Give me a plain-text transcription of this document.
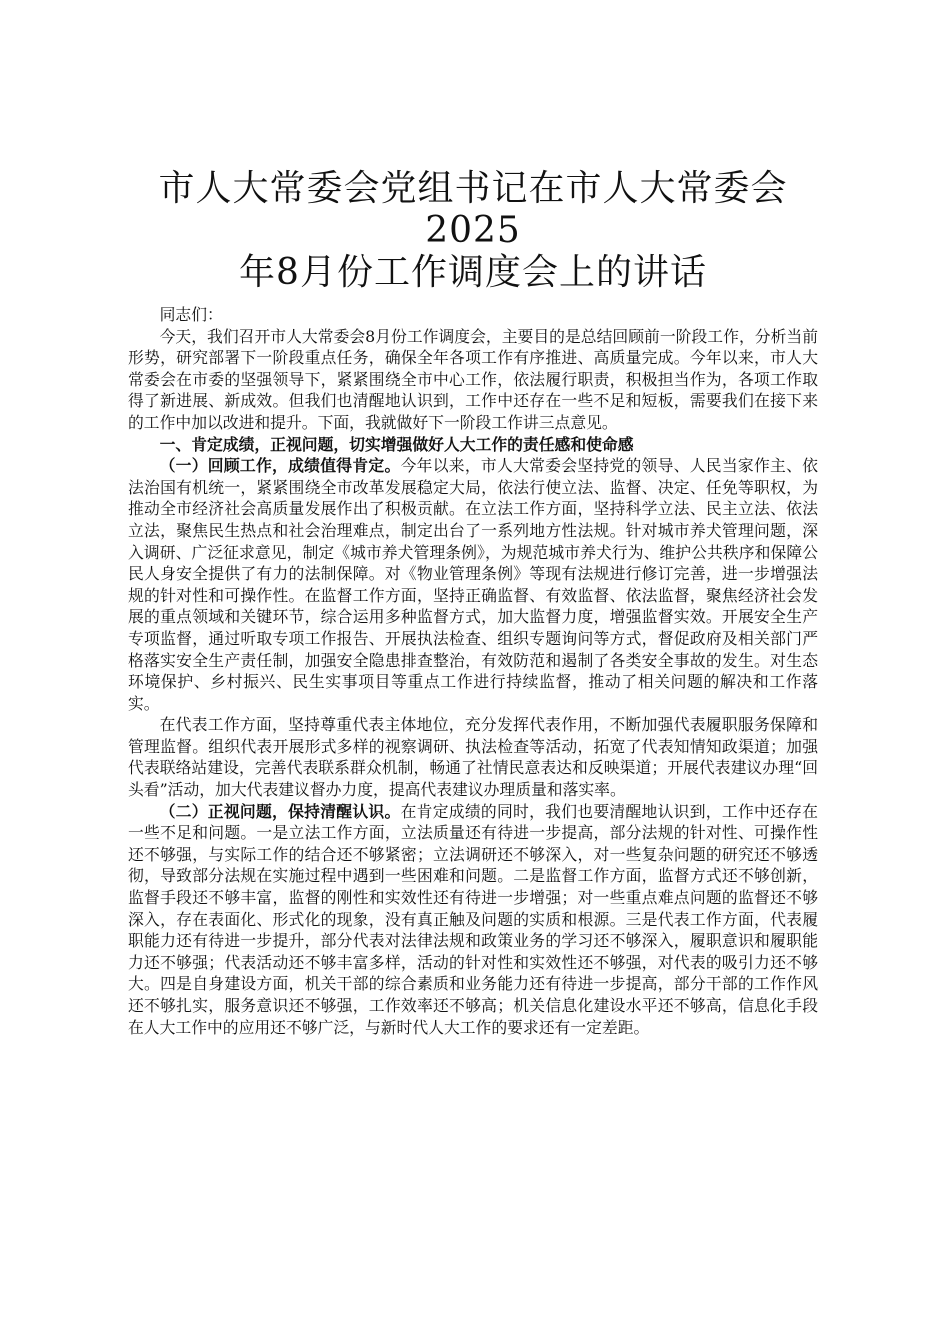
市人大常委会党组书记在市人大常委会2025
年8月份工作调度会上的讲话

同志们：

今天，我们召开市人大常委会8月份工作调度会，主要目的是总结回顾前一阶段工作，分析当前形势，研究部署下一阶段重点任务，确保全年各项工作有序推进、高质量完成。今年以来，市人大常委会在市委的坚强领导下，紧紧围绕全市中心工作，依法履行职责，积极担当作为，各项工作取得了新进展、新成效。但我们也清醒地认识到，工作中还存在一些不足和短板，需要我们在接下来的工作中加以改进和提升。下面，我就做好下一阶段工作讲三点意见。

一、肯定成绩，正视问题，切实增强做好人大工作的责任感和使命感

（一）回顾工作，成绩值得肯定。今年以来，市人大常委会坚持党的领导、人民当家作主、依法治国有机统一，紧紧围绕全市改革发展稳定大局，依法行使立法、监督、决定、任免等职权，为推动全市经济社会高质量发展作出了积极贡献。在立法工作方面，坚持科学立法、民主立法、依法立法，聚焦民生热点和社会治理难点，制定出台了一系列地方性法规。针对城市养犬管理问题，深入调研、广泛征求意见，制定《城市养犬管理条例》，为规范城市养犬行为、维护公共秩序和保障公民人身安全提供了有力的法制保障。对《物业管理条例》等现有法规进行修订完善，进一步增强法规的针对性和可操作性。在监督工作方面，坚持正确监督、有效监督、依法监督，聚焦经济社会发展的重点领域和关键环节，综合运用多种监督方式，加大监督力度，增强监督实效。开展安全生产专项监督，通过听取专项工作报告、开展执法检查、组织专题询问等方式，督促政府及相关部门严格落实安全生产责任制，加强安全隐患排查整治，有效防范和遏制了各类安全事故的发生。对生态环境保护、乡村振兴、民生实事项目等重点工作进行持续监督，推动了相关问题的解决和工作落实。

在代表工作方面，坚持尊重代表主体地位，充分发挥代表作用，不断加强代表履职服务保障和管理监督。组织代表开展形式多样的视察调研、执法检查等活动，拓宽了代表知情知政渠道；加强代表联络站建设，完善代表联系群众机制，畅通了社情民意表达和反映渠道；开展代表建议办理“回头看”活动，加大代表建议督办力度，提高代表建议办理质量和落实率。

（二）正视问题，保持清醒认识。在肯定成绩的同时，我们也要清醒地认识到，工作中还存在一些不足和问题。一是立法工作方面，立法质量还有待进一步提高，部分法规的针对性、可操作性还不够强，与实际工作的结合还不够紧密；立法调研还不够深入，对一些复杂问题的研究还不够透彻，导致部分法规在实施过程中遇到一些困难和问题。二是监督工作方面，监督方式还不够创新，监督手段还不够丰富，监督的刚性和实效性还有待进一步增强；对一些重点难点问题的监督还不够深入，存在表面化、形式化的现象，没有真正触及问题的实质和根源。三是代表工作方面，代表履职能力还有待进一步提升，部分代表对法律法规和政策业务的学习还不够深入，履职意识和履职能力还不够强；代表活动还不够丰富多样，活动的针对性和实效性还不够强，对代表的吸引力还不够大。四是自身建设方面，机关干部的综合素质和业务能力还有待进一步提高，部分干部的工作作风还不够扎实，服务意识还不够强，工作效率还不够高；机关信息化建设水平还不够高，信息化手段在人大工作中的应用还不够广泛，与新时代人大工作的要求还有一定差距。
